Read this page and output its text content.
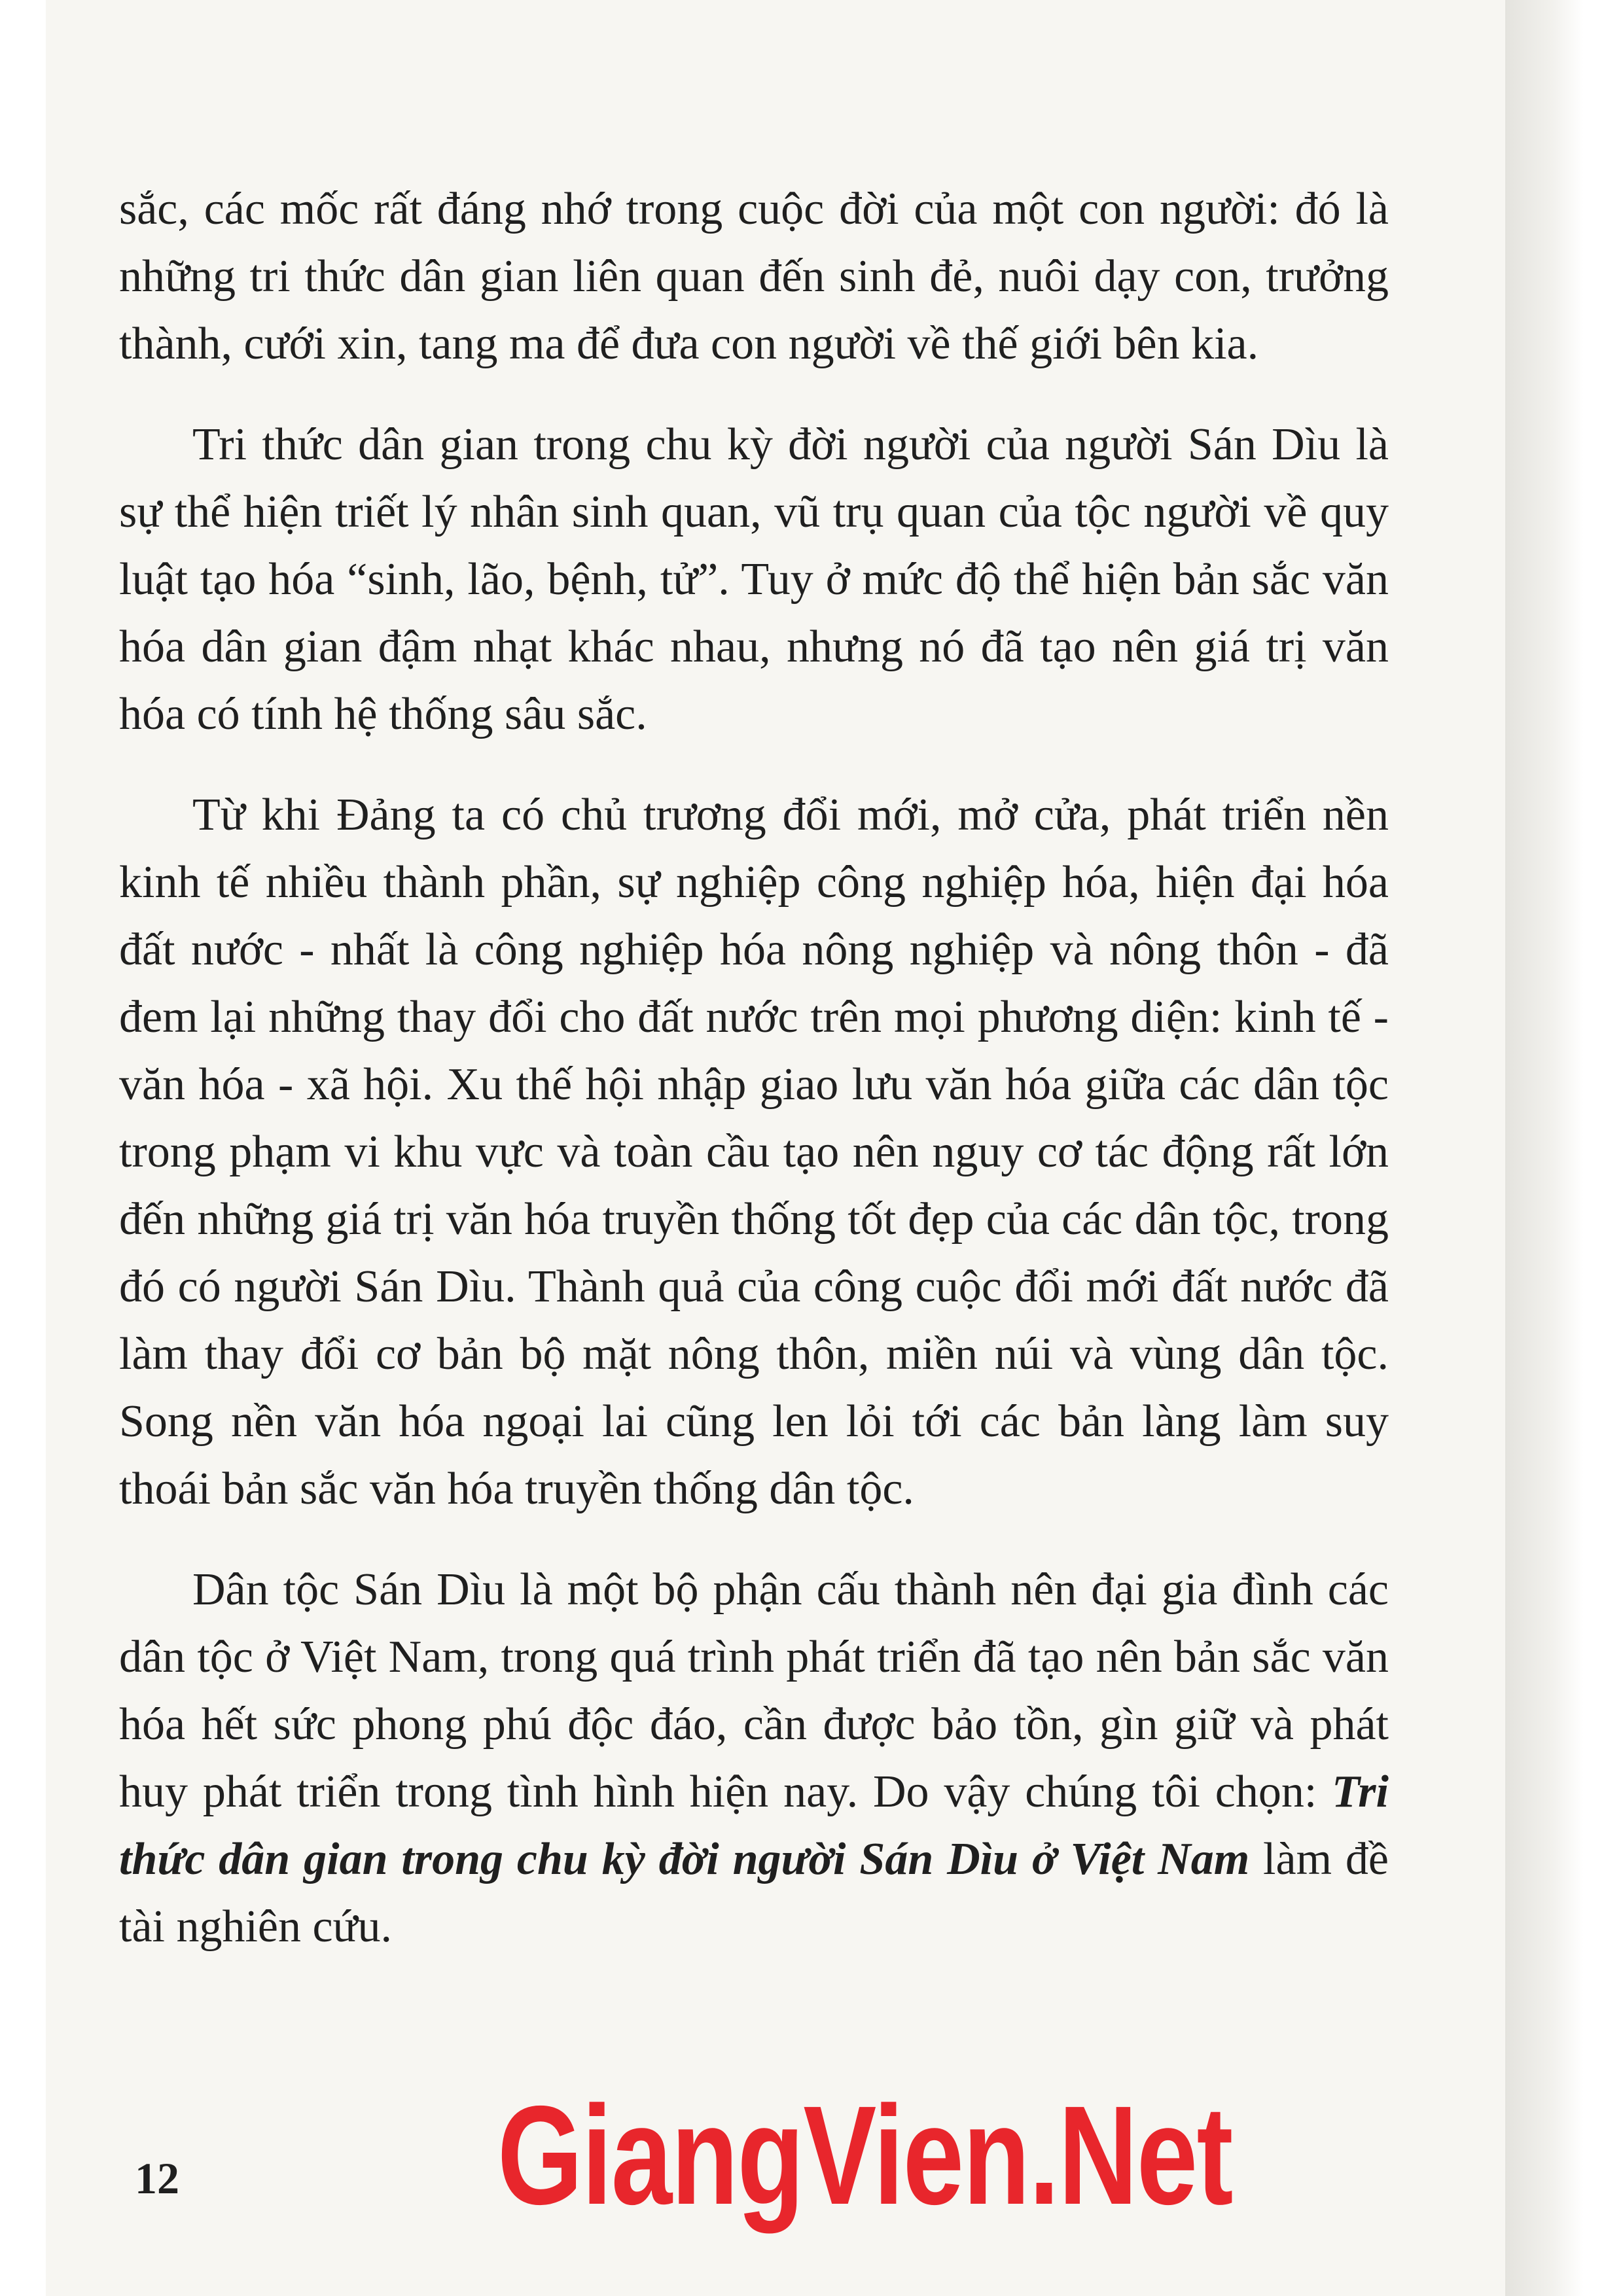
sắc, các mốc rất đáng nhớ trong cuộc đời của một con người: đó là những tri thức dân gian liên quan đến sinh đẻ, nuôi dạy con, trưởng thành, cưới xin, tang ma để đưa con người về thế giới bên kia.

Tri thức dân gian trong chu kỳ đời người của người Sán Dìu là sự thể hiện triết lý nhân sinh quan, vũ trụ quan của tộc người về quy luật tạo hóa “sinh, lão, bệnh, tử”. Tuy ở mức độ thể hiện bản sắc văn hóa dân gian đậm nhạt khác nhau, nhưng nó đã tạo nên giá trị văn hóa có tính hệ thống sâu sắc.

Từ khi Đảng ta có chủ trương đổi mới, mở cửa, phát triển nền kinh tế nhiều thành phần, sự nghiệp công nghiệp hóa, hiện đại hóa đất nước - nhất là công nghiệp hóa nông nghiệp và nông thôn - đã đem lại những thay đổi cho đất nước trên mọi phương diện: kinh tế - văn hóa - xã hội. Xu thế hội nhập giao lưu văn hóa giữa các dân tộc trong phạm vi khu vực và toàn cầu tạo nên nguy cơ tác động rất lớn đến những giá trị văn hóa truyền thống tốt đẹp của các dân tộc, trong đó có người Sán Dìu. Thành quả của công cuộc đổi mới đất nước đã làm thay đổi cơ bản bộ mặt nông thôn, miền núi và vùng dân tộc. Song nền văn hóa ngoại lai cũng len lỏi tới các bản làng làm suy thoái bản sắc văn hóa truyền thống dân tộc.

Dân tộc Sán Dìu là một bộ phận cấu thành nên đại gia đình các dân tộc ở Việt Nam, trong quá trình phát triển đã tạo nên bản sắc văn hóa hết sức phong phú độc đáo, cần được bảo tồn, gìn giữ và phát huy phát triển trong tình hình hiện nay. Do vậy chúng tôi chọn: Tri thức dân gian trong chu kỳ đời người Sán Dìu ở Việt Nam làm đề tài nghiên cứu.

12 GiangVien.Net
